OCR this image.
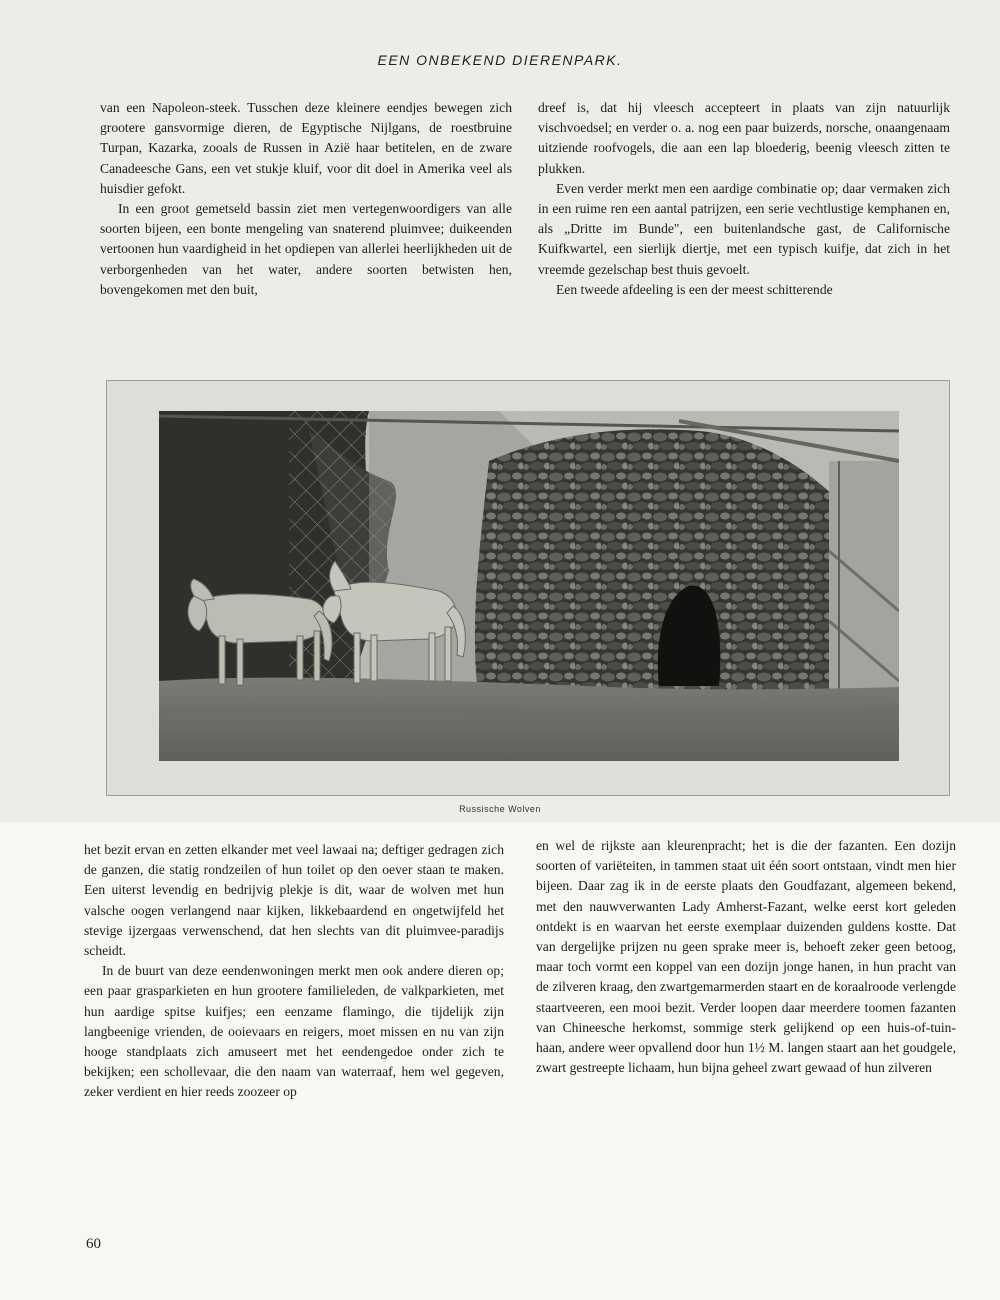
EEN ONBEKEND DIERENPARK.

van een Napoleon-steek. Tusschen deze kleinere eendjes bewegen zich grootere gansvormige dieren, de Egyptische Nijlgans, de roestbruine Turpan, Kazarka, zooals de Russen in Azië haar betitelen, en de zware Canadeesche Gans, een vet stukje kluif, voor dit doel in Amerika veel als huisdier gefokt.

In een groot gemetseld bassin ziet men vertegenwoordigers van alle soorten bijeen, een bonte mengeling van snaterend pluimvee; duikeenden vertoonen hun vaardigheid in het opdiepen van allerlei heerlijkheden uit de verborgenheden van het water, andere soorten betwisten hen, bovengekomen met den buit,

dreef is, dat hij vleesch accepteert in plaats van zijn natuurlijk vischvoedsel; en verder o. a. nog een paar buizerds, norsche, onaangenaam uitziende roofvogels, die aan een lap bloederig, beenig vleesch zitten te plukken.

Even verder merkt men een aardige combinatie op; daar vermaken zich in een ruime ren een aantal patrijzen, een serie vechtlustige kemphanen en, als „Dritte im Bunde", een buitenlandsche gast, de Californische Kuifkwartel, een sierlijk diertje, met een typisch kuifje, dat zich in het vreemde gezelschap best thuis gevoelt.

Een tweede afdeeling is een der meest schitterende

Russische Wolven

het bezit ervan en zetten elkander met veel lawaai na; deftiger gedragen zich de ganzen, die statig rondzeilen of hun toilet op den oever staan te maken. Een uiterst levendig en bedrijvig plekje is dit, waar de wolven met hun valsche oogen verlangend naar kijken, likkebaardend en ongetwijfeld het stevige ijzergaas verwenschend, dat hen slechts van dit pluimvee-paradijs scheidt.

In de buurt van deze eendenwoningen merkt men ook andere dieren op; een paar grasparkieten en hun grootere familieleden, de valkparkieten, met hun aardige spitse kuifjes; een eenzame flamingo, die tijdelijk zijn langbeenige vrienden, de ooievaars en reigers, moet missen en nu van zijn hooge standplaats zich amuseert met het eendengedoe onder zich te bekijken; een schollevaar, die den naam van waterraaf, hem wel gegeven, zeker verdient en hier reeds zoozeer op

en wel de rijkste aan kleurenpracht; het is die der fazanten. Een dozijn soorten of variëteiten, in tammen staat uit één soort ontstaan, vindt men hier bijeen. Daar zag ik in de eerste plaats den Goudfazant, algemeen bekend, met den nauwverwanten Lady Amherst-Fazant, welke eerst kort geleden ontdekt is en waarvan het eerste exemplaar duizenden guldens kostte. Dat van dergelijke prijzen nu geen sprake meer is, behoeft zeker geen betoog, maar toch vormt een koppel van een dozijn jonge hanen, in hun pracht van de zilveren kraag, den zwartgemarmerden staart en de koraalroode verlengde staartveeren, een mooi bezit. Verder loopen daar meerdere toomen fazanten van Chineesche herkomst, sommige sterk gelijkend op een huis-of-tuin-haan, andere weer opvallend door hun 1½ M. langen staart aan het goudgele, zwart gestreepte lichaam, hun bijna geheel zwart gewaad of hun zilveren

60
